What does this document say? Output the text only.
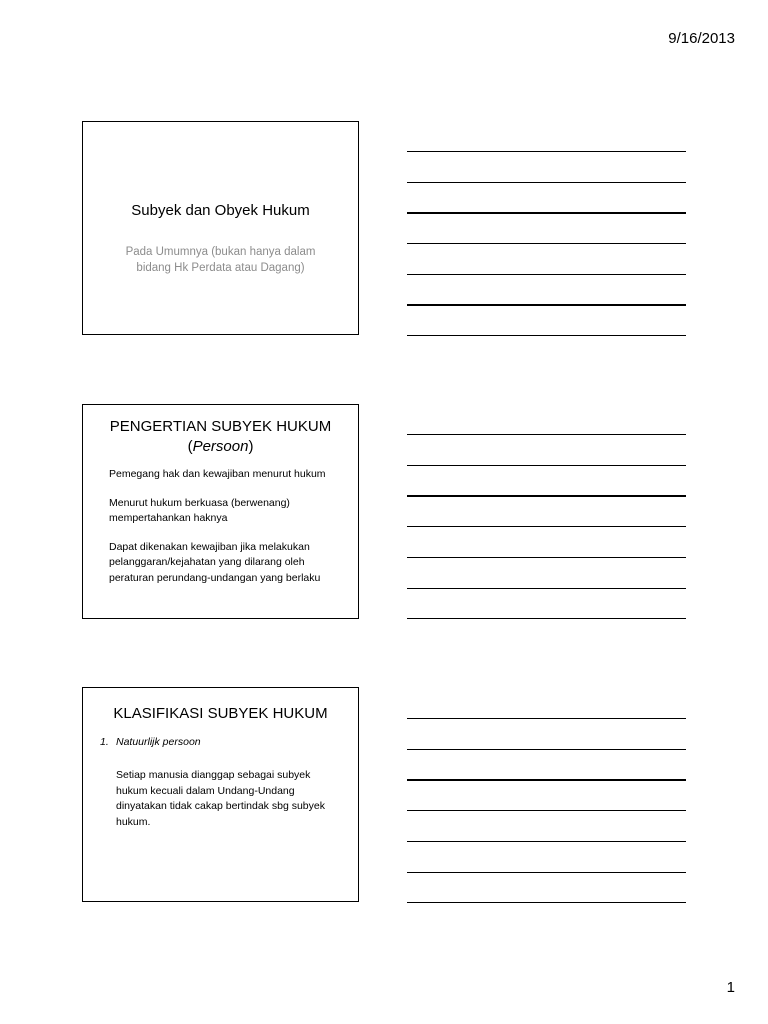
9/16/2013
Subyek dan Obyek Hukum
Pada Umumnya (bukan hanya dalam bidang Hk Perdata atau Dagang)
PENGERTIAN SUBYEK HUKUM
(Persoon)
Pemegang hak dan kewajiban menurut hukum
Menurut hukum berkuasa (berwenang) mempertahankan haknya
Dapat dikenakan kewajiban jika melakukan pelanggaran/kejahatan yang dilarang oleh peraturan perundang-undangan yang berlaku
KLASIFIKASI SUBYEK HUKUM
1. Natuurlijk persoon
Setiap manusia dianggap sebagai subyek hukum kecuali dalam Undang-Undang dinyatakan tidak cakap bertindak sbg subyek hukum.
1
